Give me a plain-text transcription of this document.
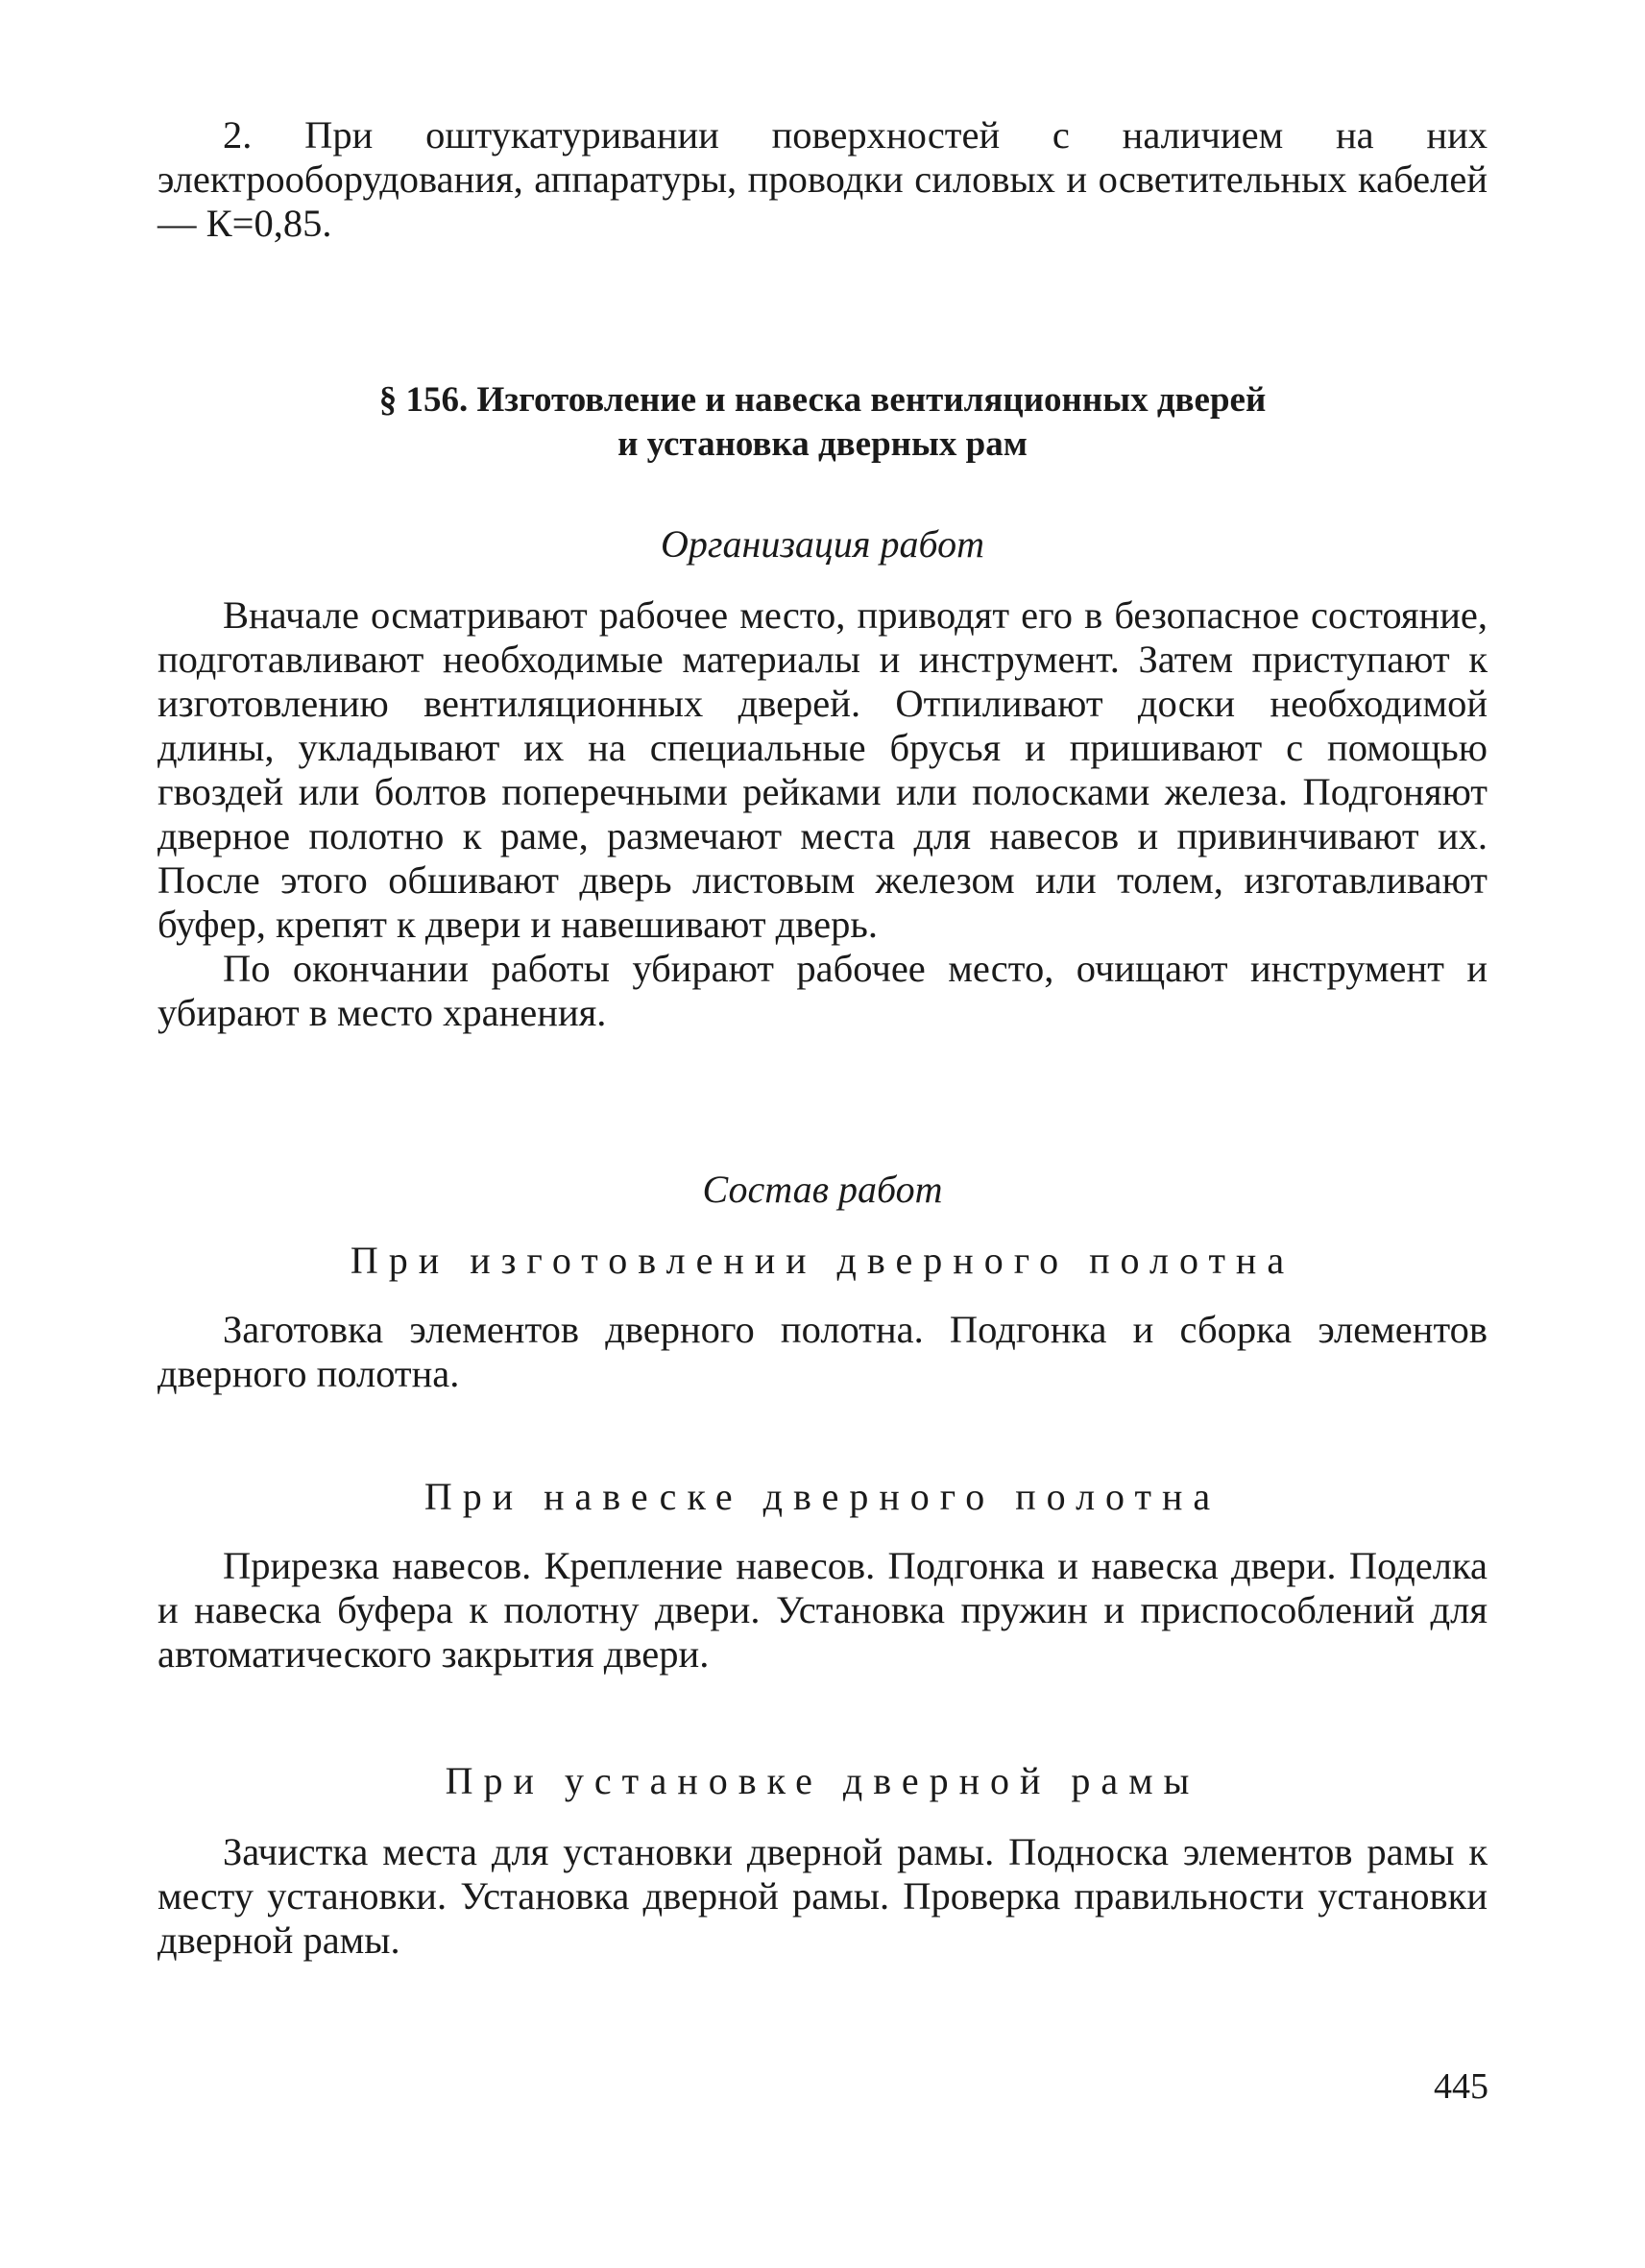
2. При оштукатуривании поверхностей с наличием на них электрооборудования, аппаратуры, проводки силовых и осветительных кабелей — К=0,85.

§ 156. Изготовление и навеска вентиляционных дверей
и установка дверных рам
Организация работ

Вначале осматривают рабочее место, приводят его в безопасное состояние, подготавливают необходимые материалы и инструмент. Затем приступают к изготовлению вентиляционных дверей. Отпиливают доски необходимой длины, укладывают их на специальные брусья и пришивают с помощью гвоздей или болтов поперечными рейками или полосками железа. Подгоняют дверное полотно к раме, размечают места для навесов и привинчивают их. После этого обшивают дверь листовым железом или толем, изготавливают буфер, крепят к двери и навешивают дверь.

По окончании работы убирают рабочее место, очищают инструмент и убирают в место хранения.

Состав работ
При изготовлении дверного полотна

Заготовка элементов дверного полотна. Подгонка и сборка элементов дверного полотна.

При навеске дверного полотна

Прирезка навесов. Крепление навесов. Подгонка и навеска двери. Поделка и навеска буфера к полотну двери. Установка пружин и приспособлений для автоматического закрытия двери.

При установке дверной рамы

Зачистка места для установки дверной рамы. Подноска элементов рамы к месту установки. Установка дверной рамы. Проверка правильности установки дверной рамы.

445
